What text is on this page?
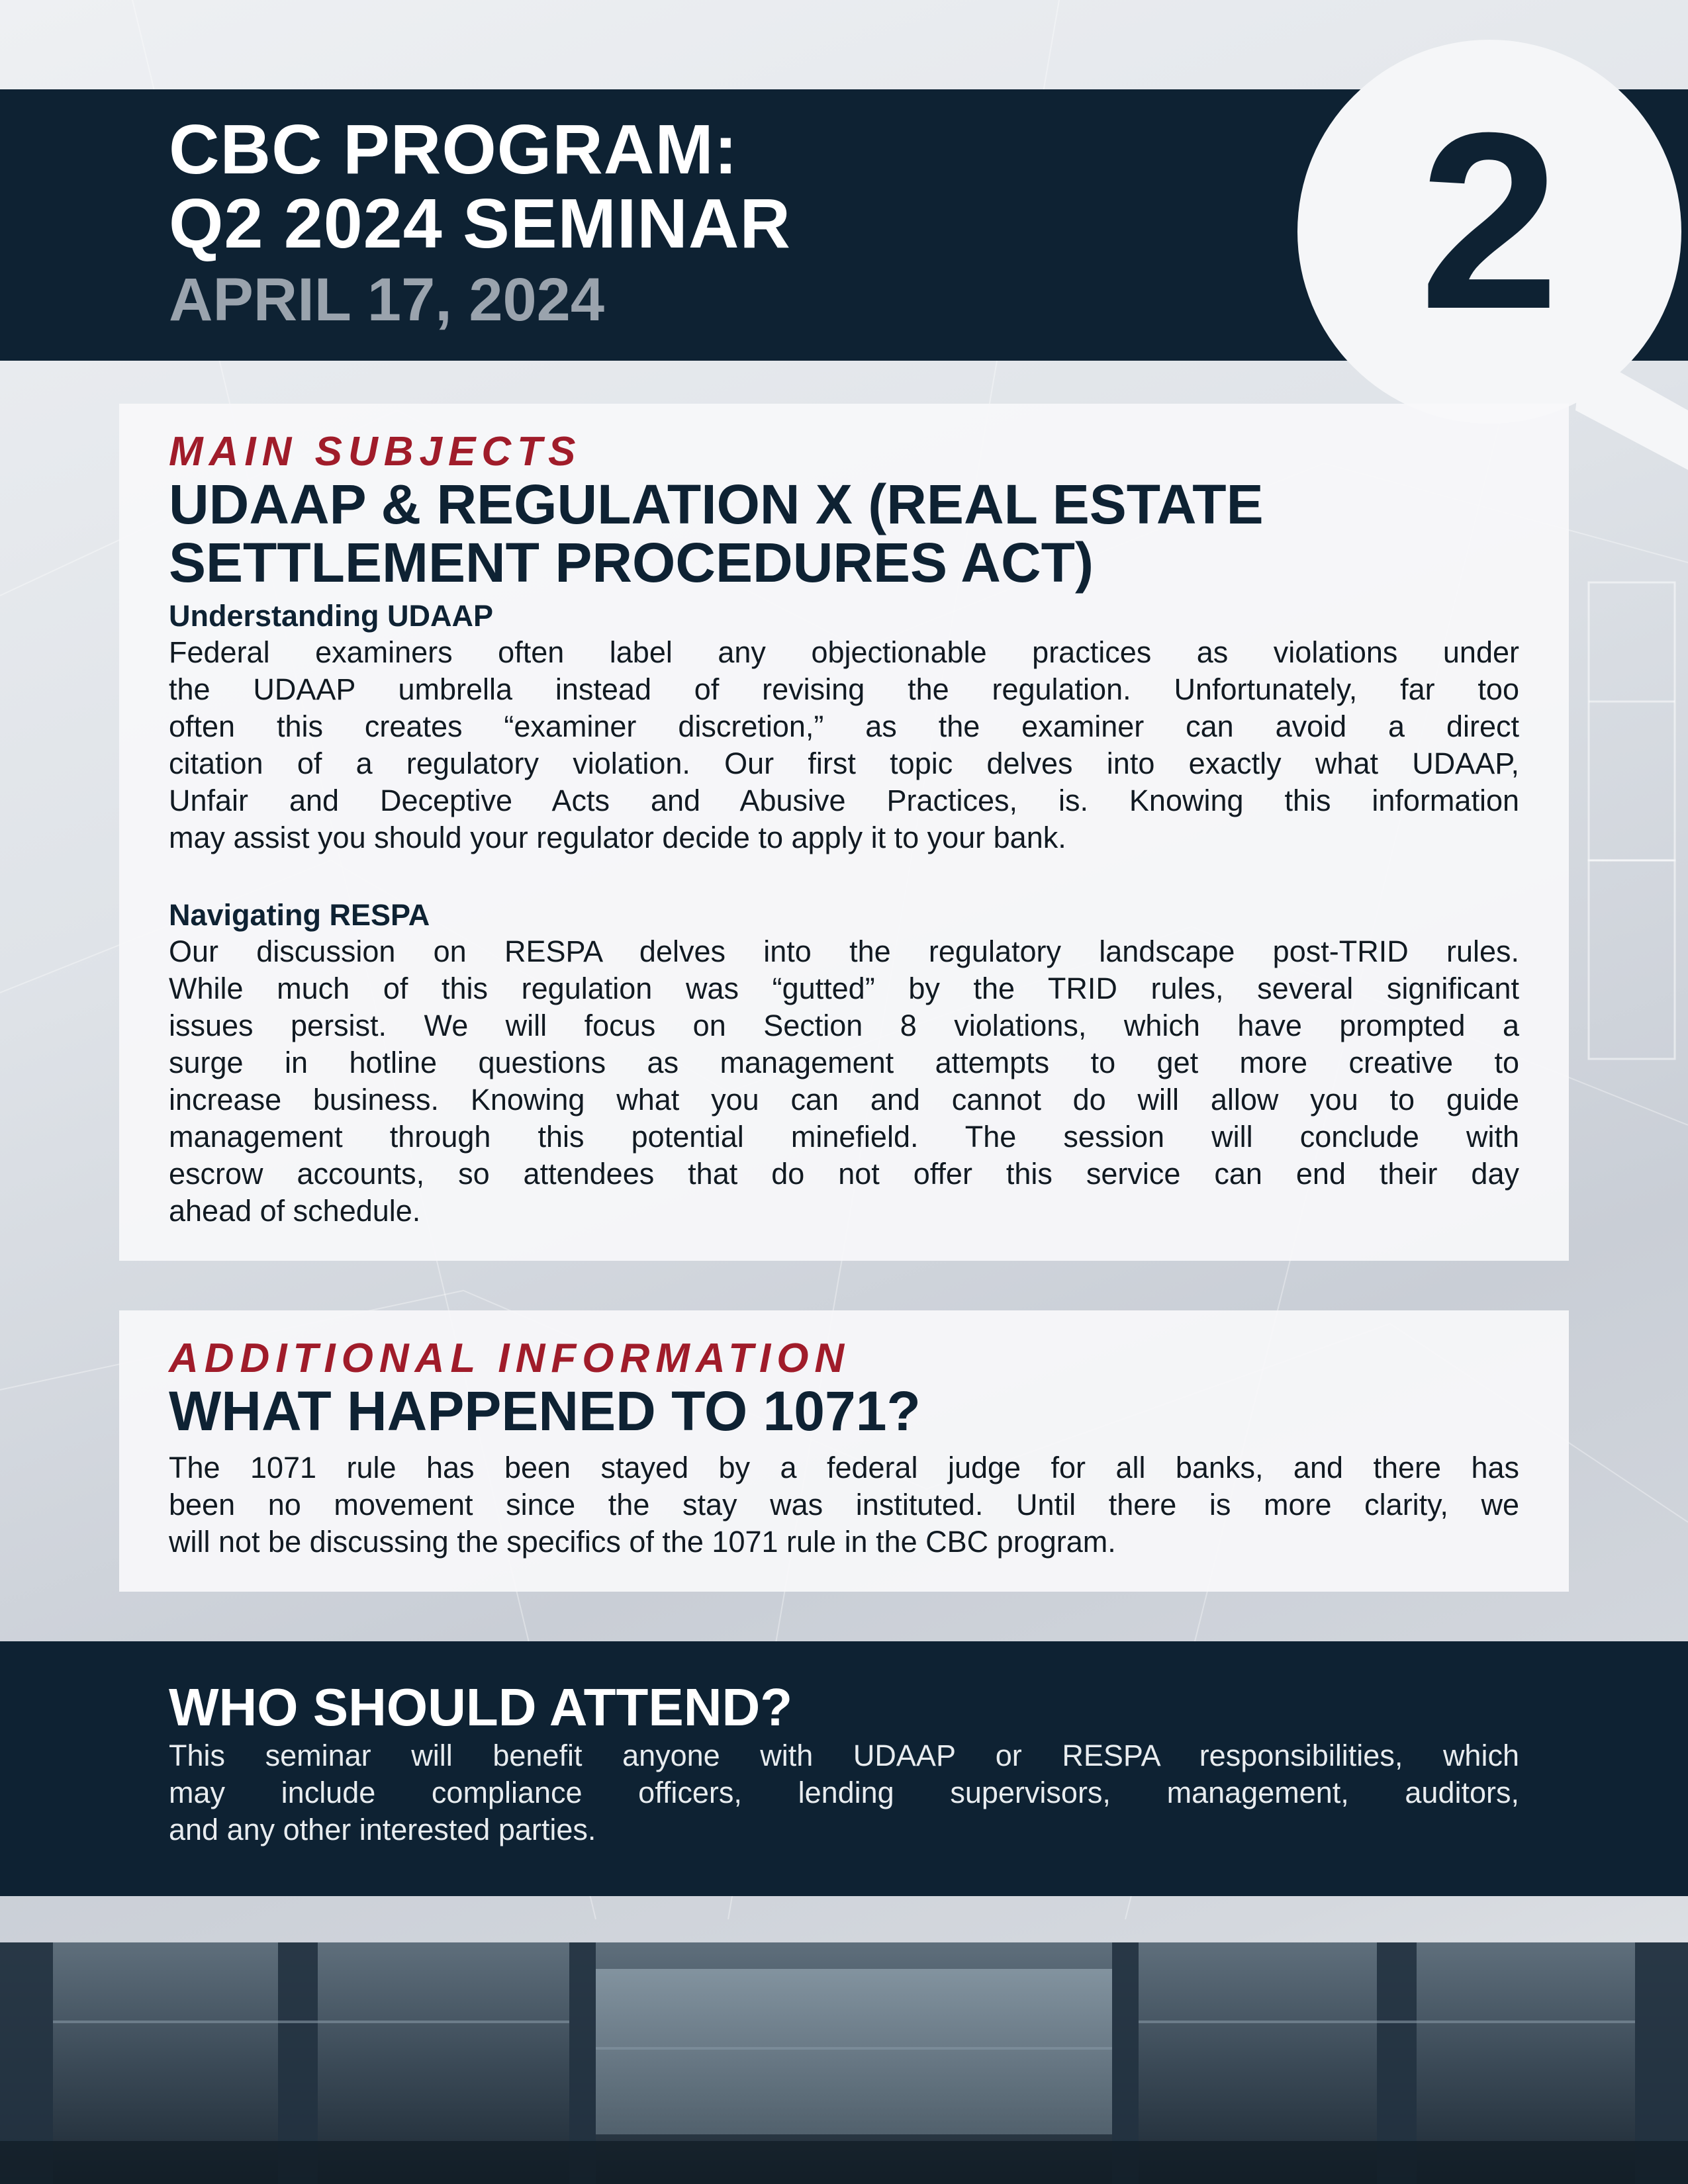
CBC PROGRAM:
Q2 2024 SEMINAR

APRIL 17, 2024	2

MAIN SUBJECTS

UDAAP & REGULATION X (REAL ESTATE
SETTLEMENT PROCEDURES ACT)
Understanding UDAAP
Federal examiners often label any objectionable practices as violations under
the UDAAP umbrella instead of revising the regulation. Unfortunately, far too
often this creates “examiner discretion,” as the examiner can avoid a direct
citation of a regulatory violation. Our first topic delves into exactly what UDAAP,
Unfair and Deceptive Acts and Abusive Practices, is. Knowing this information
may assist you should your regulator decide to apply it to your bank.
Navigating RESPA
Our discussion on RESPA delves into the regulatory landscape post-TRID rules.
While much of this regulation was “gutted” by the TRID rules, several significant
issues persist. We will focus on Section 8 violations, which have prompted a
surge in hotline questions as management attempts to get more creative to
increase business. Knowing what you can and cannot do will allow you to guide
management through this potential minefield. The session will conclude with
escrow accounts, so attendees that do not offer this service can end their day
ahead of schedule.

ADDITIONAL INFORMATION

WHAT HAPPENED TO 1071?
The 1071 rule has been stayed by a federal judge for all banks, and there has
been no movement since the stay was instituted. Until there is more clarity, we
will not be discussing the specifics of the 1071 rule in the CBC program.
WHO SHOULD ATTEND?
This seminar will benefit anyone with UDAAP or RESPA responsibilities, which
may include compliance officers, lending supervisors, management, auditors,
and any other interested parties.
